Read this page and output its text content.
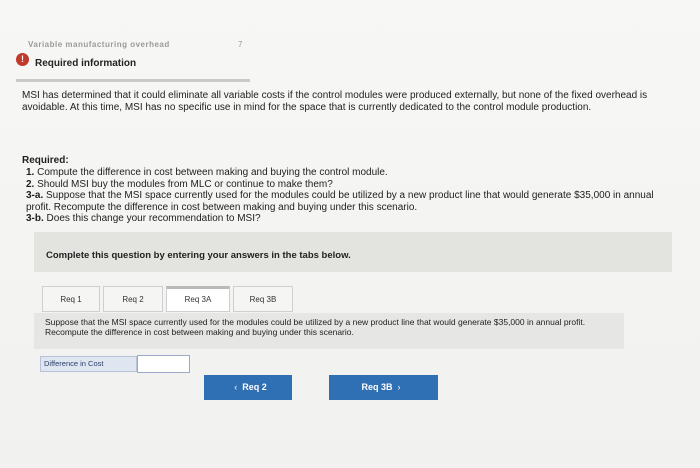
Variable manufacturing overhead	7
!	Required information
MSI has determined that it could eliminate all variable costs if the control modules were produced externally, but none of the fixed overhead is avoidable. At this time, MSI has no specific use in mind for the space that is currently dedicated to the control module production.
Required:
1. Compute the difference in cost between making and buying the control module.
2. Should MSI buy the modules from MLC or continue to make them?
3-a. Suppose that the MSI space currently used for the modules could be utilized by a new product line that would generate $35,000 in annual profit. Recompute the difference in cost between making and buying under this scenario.
3-b. Does this change your recommendation to MSI?
Complete this question by entering your answers in the tabs below.
Req 1	Req 2	Req 3A	Req 3B
Suppose that the MSI space currently used for the modules could be utilized by a new product line that would generate $35,000 in annual profit. Recompute the difference in cost between making and buying under this scenario.
Difference in Cost
‹ Req 2	Req 3B ›
